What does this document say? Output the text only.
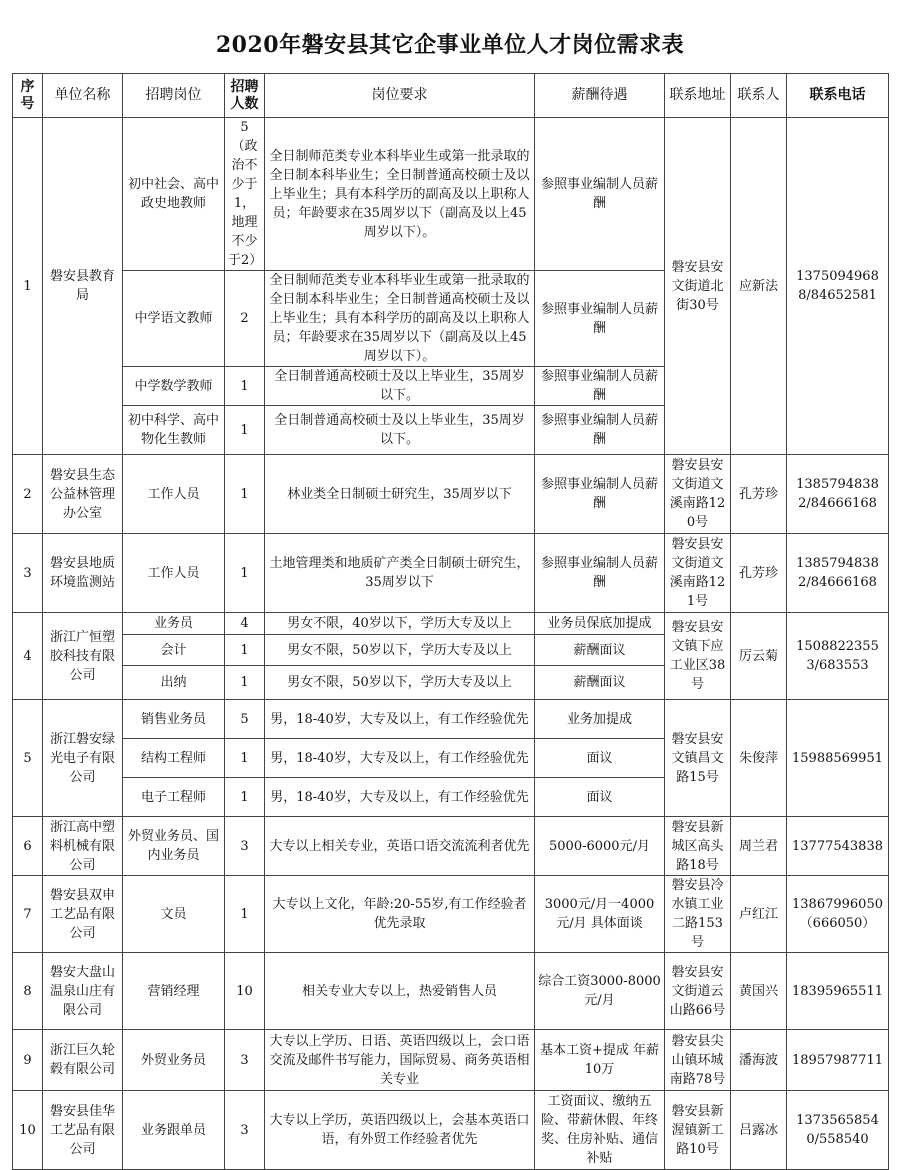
2020年磐安县其它企事业单位人才岗位需求表
序号	单位名称	招聘岗位	招聘人数	岗位要求	薪酬待遇	联系地址	联系人	联系电话
1	磐安县教育局	初中社会、高中政史地教师	5（政治不少于1，地理不少于2）	全日制师范类专业本科毕业生或第一批录取的全日制本科毕业生；全日制普通高校硕士及以上毕业生；具有本科学历的副高及以上职称人员；年龄要求在35周岁以下（副高及以上45周岁以下）。	参照事业编制人员薪酬	磐安县安文街道北街30号	应新法	13750949688/84652581
		中学语文教师	2	全日制师范类专业本科毕业生或第一批录取的全日制本科毕业生；全日制普通高校硕士及以上毕业生；具有本科学历的副高及以上职称人员；年龄要求在35周岁以下（副高及以上45周岁以下）。	参照事业编制人员薪酬			
		中学数学教师	1	全日制普通高校硕士及以上毕业生，35周岁以下。	参照事业编制人员薪酬			
		初中科学、高中物化生教师	1	全日制普通高校硕士及以上毕业生，35周岁以下。	参照事业编制人员薪酬			
2	磐安县生态公益林管理办公室	工作人员	1	林业类全日制硕士研究生，35周岁以下	参照事业编制人员薪酬	磐安县安文街道文溪南路120号	孔芳珍	13857948382/84666168
3	磐安县地质环境监测站	工作人员	1	土地管理类和地质矿产类全日制硕士研究生，35周岁以下	参照事业编制人员薪酬	磐安县安文街道文溪南路121号	孔芳珍	13857948382/84666168
4	浙江广恒塑胶科技有限公司	业务员	4	男女不限，40岁以下，学历大专及以上	业务员保底加提成	磐安县安文镇下应工业区38号	厉云菊	15088223553/683553
		会计	1	男女不限，50岁以下，学历大专及以上	薪酬面议			
		出纳	1	男女不限，50岁以下，学历大专及以上	薪酬面议			
5	浙江磐安绿光电子有限公司	销售业务员	5	男，18-40岁，大专及以上，有工作经验优先	业务加提成	磐安县安文镇昌文路15号	朱俊萍	15988569951
		结构工程师	1	男，18-40岁，大专及以上，有工作经验优先	面议			
		电子工程师	1	男，18-40岁，大专及以上，有工作经验优先	面议			
6	浙江高中塑料机械有限公司	外贸业务员、国内业务员	3	大专以上相关专业，英语口语交流流利者优先	5000-6000元/月	磐安县新城区高头路18号	周兰君	13777543838
7	磐安县双申工艺品有限公司	文员	1	大专以上文化，年龄:20-55岁,有工作经验者优先录取	3000元/月一4000元/月 具体面谈	磐安县冷水镇工业二路153号	卢红江	13867996050（666050）
8	磐安大盘山温泉山庄有限公司	营销经理	10	相关专业大专以上，热爱销售人员	综合工资3000-8000元/月	磐安县安文街道云山路66号	黄国兴	18395965511
9	浙江巨久轮毂有限公司	外贸业务员	3	大专以上学历、日语、英语四级以上，会口语交流及邮件书写能力，国际贸易、商务英语相关专业	基本工资+提成 年薪10万	磐安县尖山镇环城南路78号	潘海波	18957987711
10	磐安县佳华工艺品有限公司	业务跟单员	3	大专以上学历，英语四级以上，会基本英语口语，有外贸工作经验者优先	工资面议、缴纳五险、带薪休假、年终奖、住房补贴、通信补贴	磐安县新渥镇新工路10号	吕露冰	13735658540/558540
